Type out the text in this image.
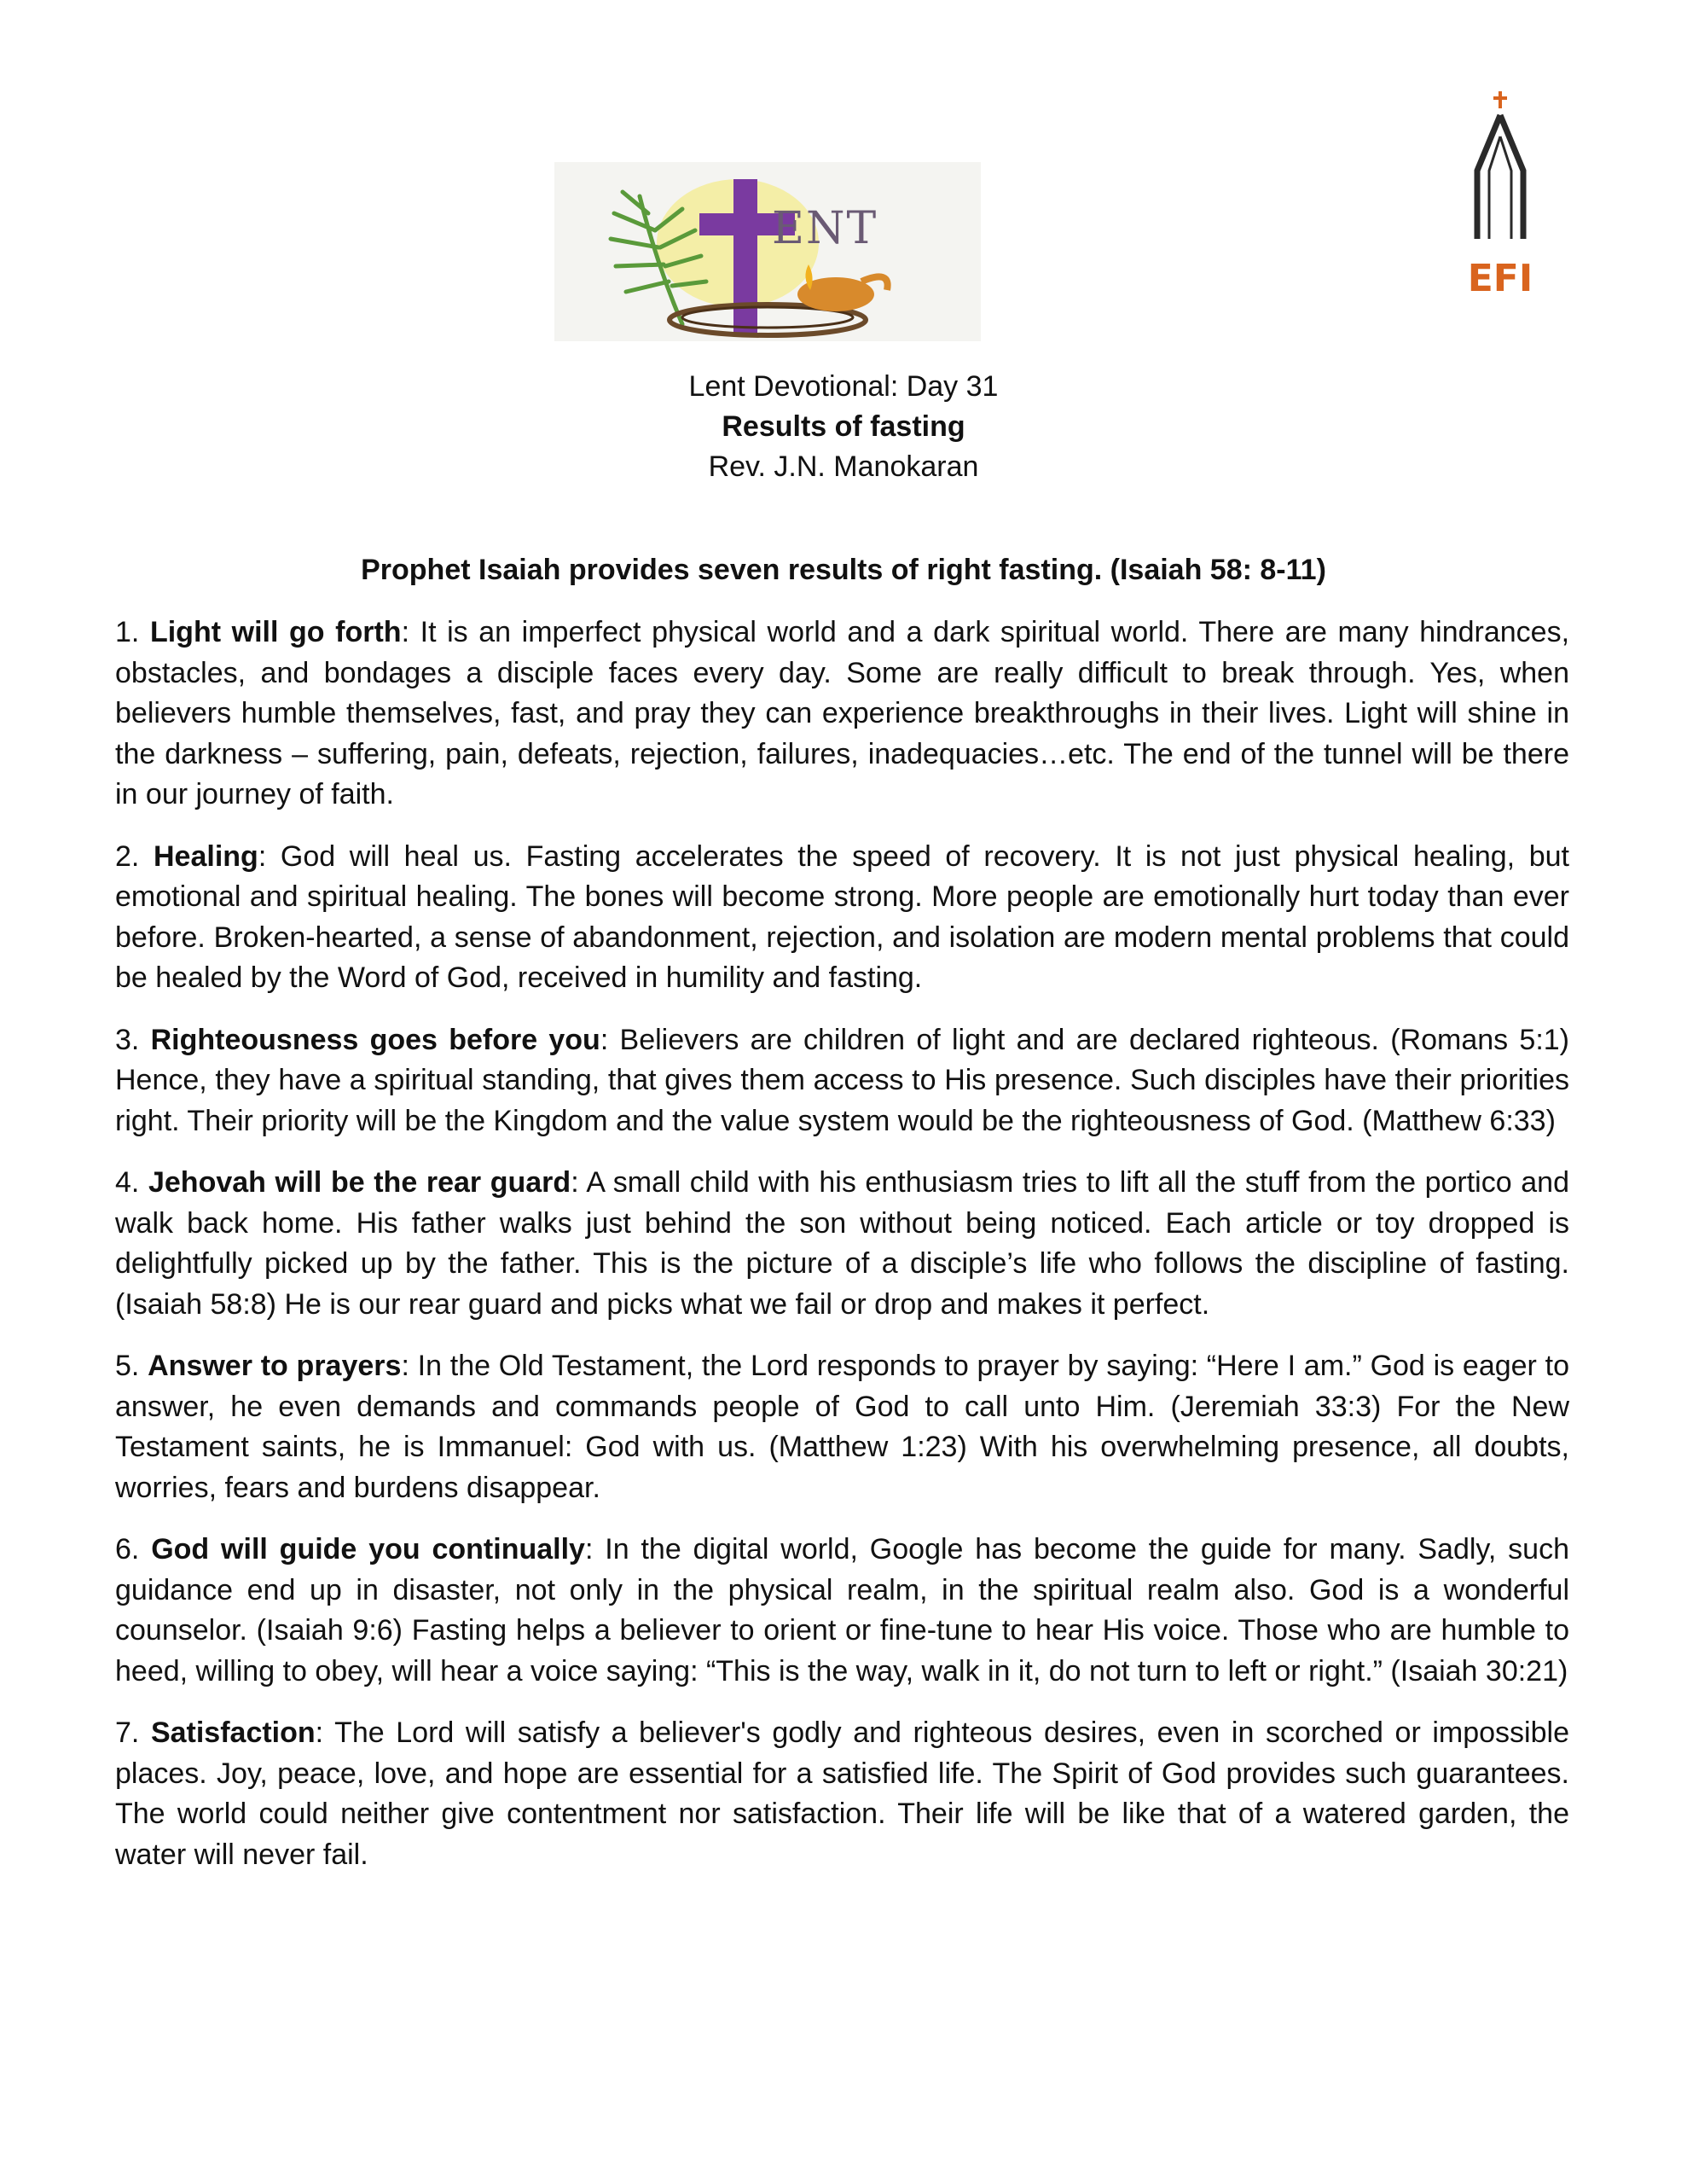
ENT
EFI
Lent Devotional: Day 31
Results of fasting
Rev. J.N. Manokaran
Prophet Isaiah provides seven results of right fasting. (Isaiah 58: 8-11)

1. Light will go forth: It is an imperfect physical world and a dark spiritual world. There are many hindrances, obstacles, and bondages a disciple faces every day. Some are really difficult to break through. Yes, when believers humble themselves, fast, and pray they can experience breakthroughs in their lives. Light will shine in the darkness – suffering, pain, defeats, rejection, failures, inadequacies…etc. The end of the tunnel will be there in our journey of faith.

2. Healing: God will heal us. Fasting accelerates the speed of recovery. It is not just physical healing, but emotional and spiritual healing. The bones will become strong. More people are emotionally hurt today than ever before. Broken-hearted, a sense of abandonment, rejection, and isolation are modern mental problems that could be healed by the Word of God, received in humility and fasting.

3. Righteousness goes before you: Believers are children of light and are declared righteous. (Romans 5:1) Hence, they have a spiritual standing, that gives them access to His presence. Such disciples have their priorities right. Their priority will be the Kingdom and the value system would be the righteousness of God. (Matthew 6:33)

4. Jehovah will be the rear guard: A small child with his enthusiasm tries to lift all the stuff from the portico and walk back home. His father walks just behind the son without being noticed. Each article or toy dropped is delightfully picked up by the father. This is the picture of a disciple’s life who follows the discipline of fasting. (Isaiah 58:8) He is our rear guard and picks what we fail or drop and makes it perfect.

5. Answer to prayers: In the Old Testament, the Lord responds to prayer by saying: “Here I am.” God is eager to answer, he even demands and commands people of God to call unto Him. (Jeremiah 33:3) For the New Testament saints, he is Immanuel: God with us. (Matthew 1:23) With his overwhelming presence, all doubts, worries, fears and burdens disappear.

6. God will guide you continually: In the digital world, Google has become the guide for many. Sadly, such guidance end up in disaster, not only in the physical realm, in the spiritual realm also. God is a wonderful counselor. (Isaiah 9:6) Fasting helps a believer to orient or fine-tune to hear His voice. Those who are humble to heed, willing to obey, will hear a voice saying: “This is the way, walk in it, do not turn to left or right.” (Isaiah 30:21)

7. Satisfaction: The Lord will satisfy a believer's godly and righteous desires, even in scorched or impossible places. Joy, peace, love, and hope are essential for a satisfied life. The Spirit of God provides such guarantees. The world could neither give contentment nor satisfaction. Their life will be like that of a watered garden, the water will never fail.
